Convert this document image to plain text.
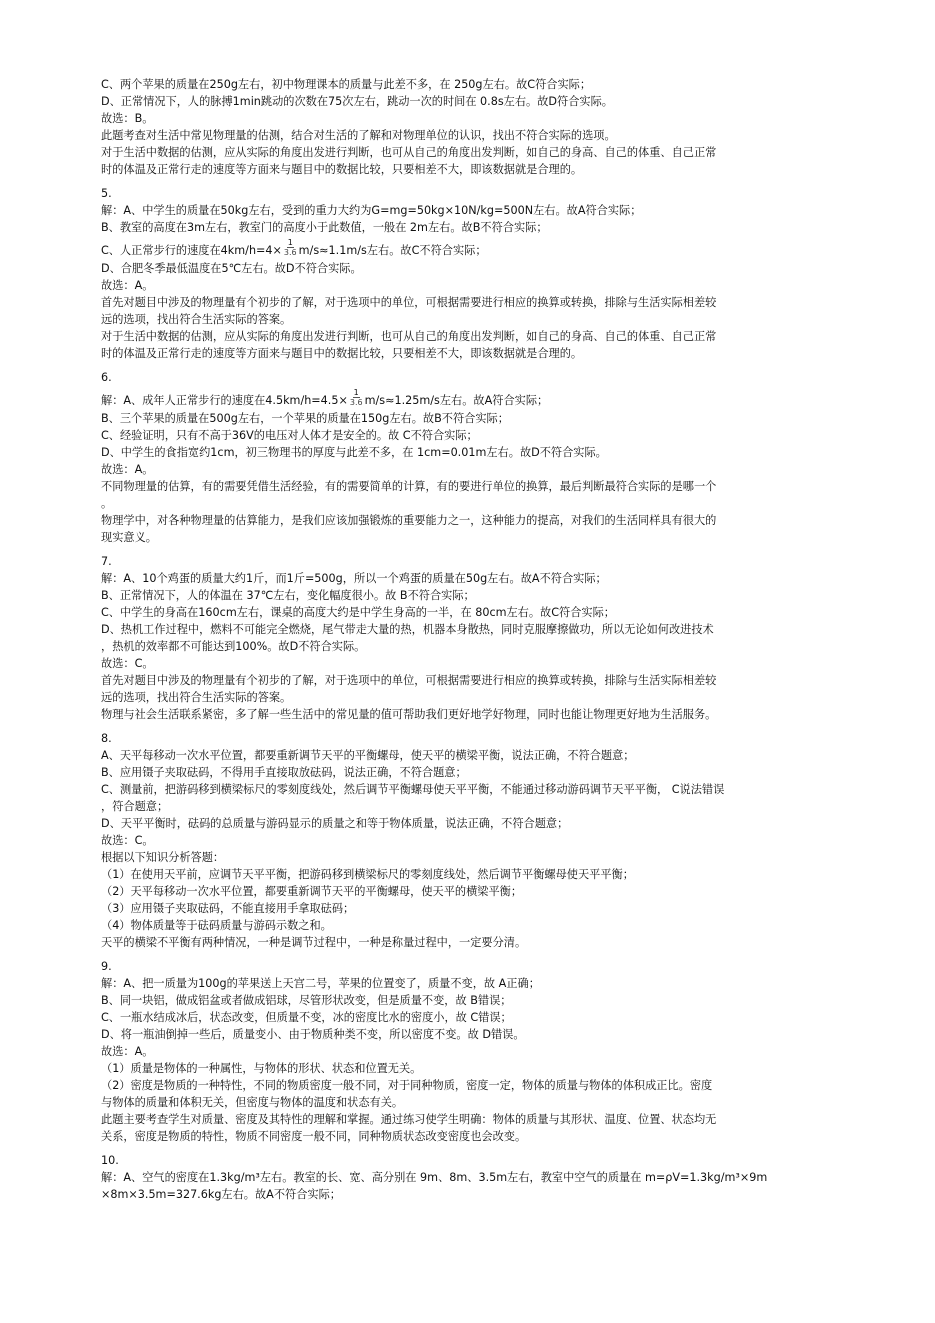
C、两个苹果的质量在250g左右，初中物理课本的质量与此差不多，在 250g左右。故C符合实际；
D、正常情况下，人的脉搏1min跳动的次数在75次左右，跳动一次的时间在 0.8s左右。故D符合实际。
故选：B。
此题考查对生活中常见物理量的估测，结合对生活的了解和对物理单位的认识，找出不符合实际的选项。
对于生活中数据的估测，应从实际的角度出发进行判断，也可从自己的角度出发判断，如自己的身高、自己的体重、自己正常
时的体温及正常行走的速度等方面来与题目中的数据比较，只要相差不大，即该数据就是合理的。
5.
解：A、中学生的质量在50kg左右，受到的重力大约为G=mg=50kg×10N/kg=500N左右。故A符合实际；
B、教室的高度在3m左右，教室门的高度小于此数值，一般在 2m左右。故B不符合实际；
C、人正常步行的速度在$4km/h=4\times \frac{1}{3.6} m/s\approx 1.1m/s$左右。故C不符合实际；
D、合肥冬季最低温度在5℃左右。故D不符合实际。
故选：A。
首先对题目中涉及的物理量有个初步的了解，对于选项中的单位，可根据需要进行相应的换算或转换，排除与生活实际相差较
远的选项，找出符合生活实际的答案。
对于生活中数据的估测，应从实际的角度出发进行判断，也可从自己的角度出发判断，如自己的身高、自己的体重、自己正常
时的体温及正常行走的速度等方面来与题目中的数据比较，只要相差不大，即该数据就是合理的。
6.
解：A、成年人正常步行的速度在$4.5km/h=4.5\times \frac{1}{3.6} m/s\approx 1.25m/s$左右。故A符合实际；
B、三个苹果的质量在500g左右，一个苹果的质量在150g左右。故B不符合实际；
C、经验证明，只有不高于36V的电压对人体才是安全的。故 C不符合实际；
D、中学生的食指宽约1cm，初三物理书的厚度与此差不多，在 1cm=0.01m左右。故D不符合实际。
故选：A。
不同物理量的估算，有的需要凭借生活经验，有的需要简单的计算，有的要进行单位的换算，最后判断最符合实际的是哪一个
。
物理学中，对各种物理量的估算能力，是我们应该加强锻炼的重要能力之一，这种能力的提高，对我们的生活同样具有很大的
现实意义。
7.
解：A、10个鸡蛋的质量大约1斤，而1斤=500g，所以一个鸡蛋的质量在50g左右。故A不符合实际；
B、正常情况下，人的体温在 37℃左右，变化幅度很小。故 B不符合实际；
C、中学生的身高在160cm左右，课桌的高度大约是中学生身高的一半，在 80cm左右。故C符合实际；
D、热机工作过程中，燃料不可能完全燃烧，尾气带走大量的热，机器本身散热，同时克服摩擦做功，所以无论如何改进技术
，热机的效率都不可能达到100%。故D不符合实际。
故选：C。
首先对题目中涉及的物理量有个初步的了解，对于选项中的单位，可根据需要进行相应的换算或转换，排除与生活实际相差较
远的选项，找出符合生活实际的答案。
物理与社会生活联系紧密，多了解一些生活中的常见量的值可帮助我们更好地学好物理，同时也能让物理更好地为生活服务。
8.
A、天平每移动一次水平位置，都要重新调节天平的平衡螺母，使天平的横梁平衡，说法正确，不符合题意；
B、应用镊子夹取砝码，不得用手直接取放砝码，说法正确，不符合题意；
C、测量前，把游码移到横梁标尺的零刻度线处，然后调节平衡螺母使天平平衡，不能通过移动游码调节天平平衡， C说法错误
，符合题意；
D、天平平衡时，砝码的总质量与游码显示的质量之和等于物体质量，说法正确，不符合题意；
故选：C。
根据以下知识分析答题：
（1）在使用天平前，应调节天平平衡，把游码移到横梁标尺的零刻度线处，然后调节平衡螺母使天平平衡；
（2）天平每移动一次水平位置，都要重新调节天平的平衡螺母，使天平的横梁平衡；
（3）应用镊子夹取砝码，不能直接用手拿取砝码；
（4）物体质量等于砝码质量与游码示数之和。
天平的横梁不平衡有两种情况，一种是调节过程中，一种是称量过程中，一定要分清。
9.
解：A、把一质量为100g的苹果送上天宫二号，苹果的位置变了，质量不变，故 A正确；
B、同一块铝，做成铝盆或者做成铝球，尽管形状改变，但是质量不变，故 B错误；
C、一瓶水结成冰后，状态改变，但质量不变，冰的密度比水的密度小，故 C错误；
D、将一瓶油倒掉一些后，质量变小、由于物质种类不变，所以密度不变。故 D错误。
故选：A。
（1）质量是物体的一种属性，与物体的形状、状态和位置无关。
（2）密度是物质的一种特性，不同的物质密度一般不同，对于同种物质，密度一定，物体的质量与物体的体积成正比。密度
与物体的质量和体积无关，但密度与物体的温度和状态有关。
此题主要考查学生对质量、密度及其特性的理解和掌握。通过练习使学生明确：物体的质量与其形状、温度、位置、状态均无
关系，密度是物质的特性，物质不同密度一般不同，同种物质状态改变密度也会改变。
10.
解：A、空气的密度在1.3kg/m³左右。教室的长、宽、高分别在 9m、8m、3.5m左右，教室中空气的质量在 m=ρV=1.3kg/m³×9m
×8m×3.5m=327.6kg左右。故A不符合实际；
